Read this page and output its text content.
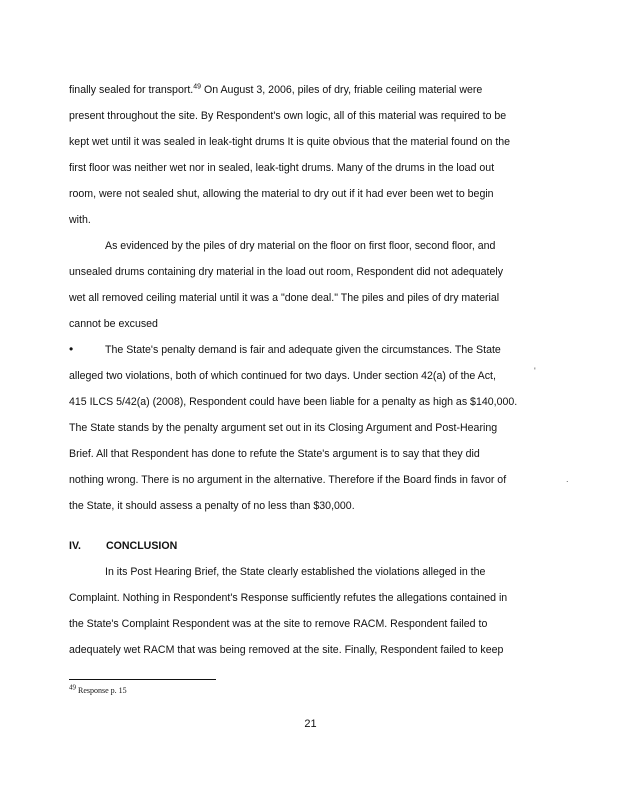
finally sealed for transport.$^{49}$ On August 3, 2006, piles of dry, friable ceiling material were
present throughout the site. By Respondent's own logic, all of this material was required to be
kept wet until it was sealed in leak-tight drums It is quite obvious that the material found on the
first floor was neither wet nor in sealed, leak-tight drums. Many of the drums in the load out
room, were not sealed shut, allowing the material to dry out if it had ever been wet to begin
with.
As evidenced by the piles of dry material on the floor on first floor, second floor, and
unsealed drums containing dry material in the load out room, Respondent did not adequately
wet all removed ceiling material until it was a "done deal." The piles and piles of dry material
cannot be excused
•	The State's penalty demand is fair and adequate given the circumstances. The State
alleged two violations, both of which continued for two days. Under section 42(a) of the Act,	'
415 ILCS 5/42(a) (2008), Respondent could have been liable for a penalty as high as $140,000.
The State stands by the penalty argument set out in its Closing Argument and Post-Hearing
Brief. All that Respondent has done to refute the State's argument is to say that they did
nothing wrong. There is no argument in the alternative. Therefore if the Board finds in favor of	.
the State, it should assess a penalty of no less than $30,000.
IV. CONCLUSION
In its Post Hearing Brief, the State clearly established the violations alleged in the
Complaint. Nothing in Respondent's Response sufficiently refutes the allegations contained in
the State's Complaint Respondent was at the site to remove RACM. Respondent failed to
adequately wet RACM that was being removed at the site. Finally, Respondent failed to keep
$^{49}$ Response p. 15
21
